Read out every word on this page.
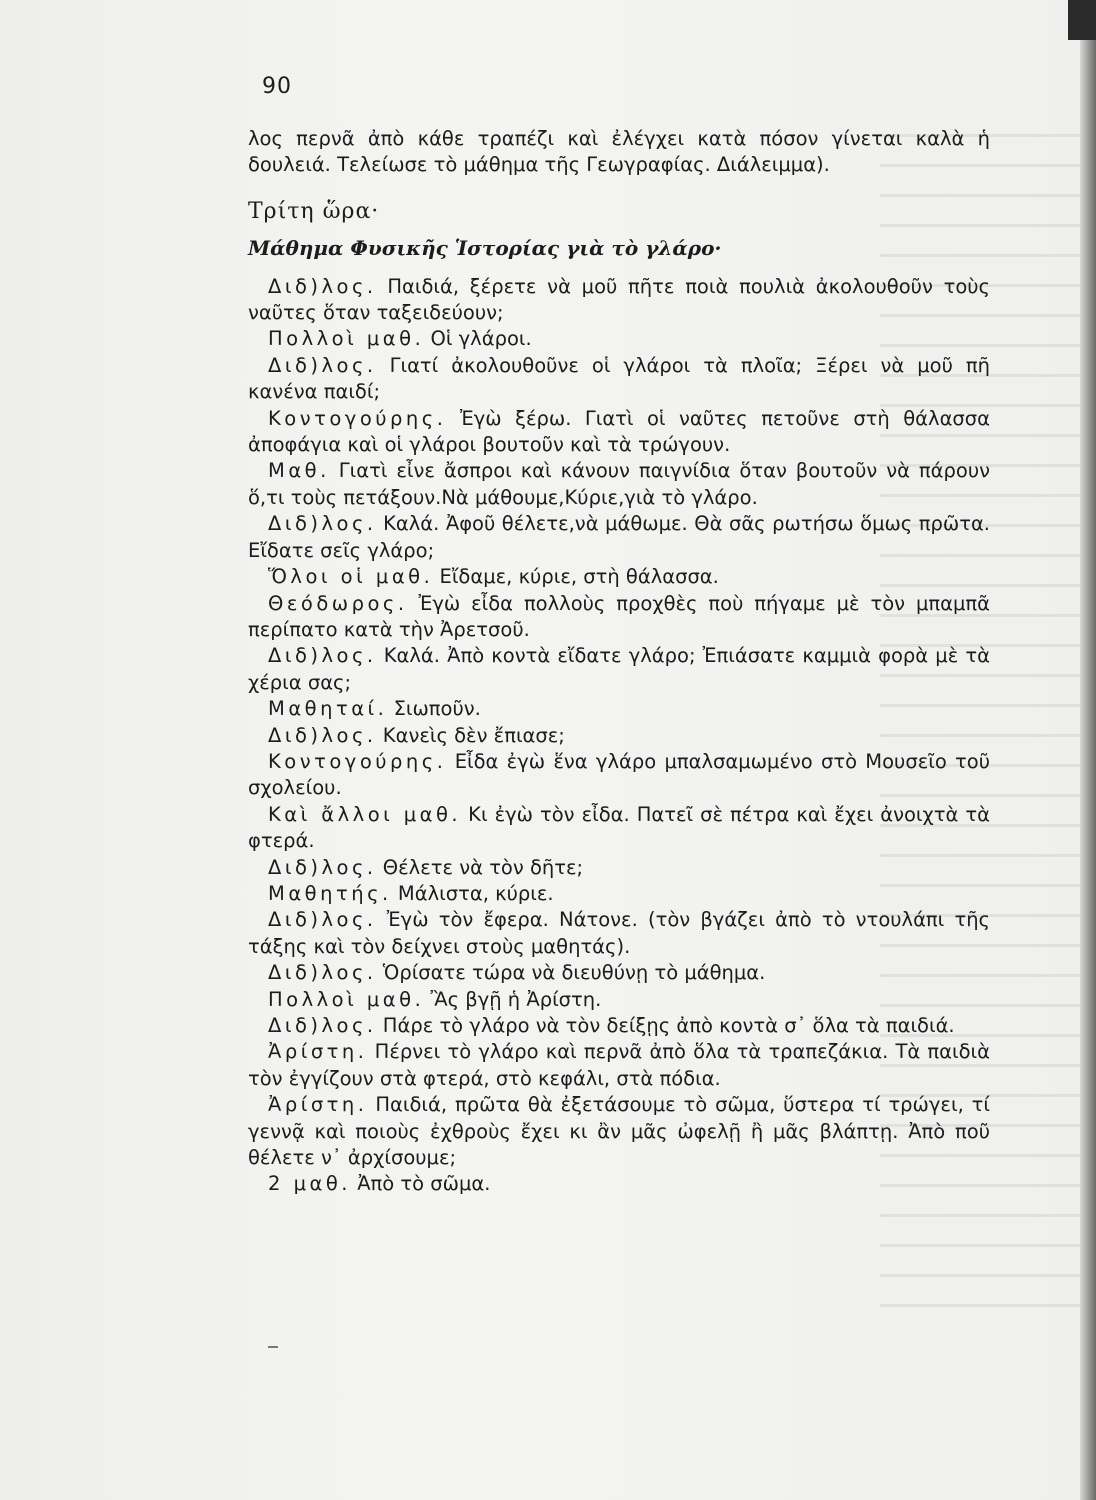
90

λος περνᾶ ἀπὸ κάθε τραπέζι καὶ ἐλέγχει κατὰ πόσον γίνεται καλὰ ἡ δουλειά. Τελείωσε τὸ μάθημα τῆς Γεωγραφίας. Διάλειμμα).

Τρίτη ὥρα·

Μάθημα Φυσικῆς Ἱστορίας γιὰ τὸ γλάρο·

Διδ)λος. Παιδιά, ξέρετε νὰ μοῦ πῆτε ποιὰ πουλιὰ ἀκολουθοῦν τοὺς ναῦτες ὅταν ταξειδεύουν;

Πολλοὶ μαθ. Οἱ γλάροι.

Διδ)λος. Γιατί ἀκολουθοῦνε οἱ γλάροι τὰ πλοῖα; Ξέρει νὰ μοῦ πῆ κανένα παιδί;

Κοντογούρης. Ἐγὼ ξέρω. Γιατὶ οἱ ναῦτες πετοῦνε στὴ θάλασσα ἀποφάγια καὶ οἱ γλάροι βουτοῦν καὶ τὰ τρώγουν.

Μαθ. Γιατὶ εἶνε ἄσπροι καὶ κάνουν παιγνίδια ὅταν βουτοῦν νὰ πάρουν ὅ,τι τοὺς πετάξουν.Νὰ μάθουμε,Κύριε,γιὰ τὸ γλάρο.

Διδ)λος. Καλά. Ἀφοῦ θέλετε,νὰ μάθωμε. Θὰ σᾶς ρωτήσω ὅμως πρῶτα. Εἴδατε σεῖς γλάρο;

Ὅλοι οἱ μαθ. Εἴδαμε, κύριε, στὴ θάλασσα.

Θεόδωρος. Ἐγὼ εἶδα πολλοὺς προχθὲς ποὺ πήγαμε μὲ τὸν μπαμπᾶ περίπατο κατὰ τὴν Ἀρετσοῦ.

Διδ)λος. Καλά. Ἀπὸ κοντὰ εἴδατε γλάρο; Ἐπιάσατε καμμιὰ φορὰ μὲ τὰ χέρια σας;

Μαθηταί. Σιωποῦν.

Διδ)λος. Κανεὶς δὲν ἔπιασε;

Κοντογούρης. Εἶδα ἐγὼ ἕνα γλάρο μπαλσαμωμένο στὸ Μουσεῖο τοῦ σχολείου.

Καὶ ἄλλοι μαθ. Κι ἐγὼ τὸν εἶδα. Πατεῖ σὲ πέτρα καὶ ἔχει ἀνοιχτὰ τὰ φτερά.

Διδ)λος. Θέλετε νὰ τὸν δῆτε;

Μαθητής. Μάλιστα, κύριε.

Διδ)λος. Ἐγὼ τὸν ἔφερα. Νάτονε. (τὸν βγάζει ἀπὸ τὸ ντουλάπι τῆς τάξης καὶ τὸν δείχνει στοὺς μαθητάς).

Διδ)λος. Ὁρίσατε τώρα νὰ διευθύνῃ τὸ μάθημα.

Πολλοὶ μαθ. Ἂς βγῇ ἡ Ἀρίστη.

Διδ)λος. Πάρε τὸ γλάρο νὰ τὸν δείξῃς ἀπὸ κοντὰ σ᾽ ὅλα τὰ παιδιά.

Ἀρίστη. Πέρνει τὸ γλάρο καὶ περνᾶ ἀπὸ ὅλα τὰ τραπεζάκια. Τὰ παιδιὰ τὸν ἐγγίζουν στὰ φτερά, στὸ κεφάλι, στὰ πόδια.

Ἀρίστη. Παιδιά, πρῶτα θὰ ἐξετάσουμε τὸ σῶμα, ὕστερα τί τρώγει, τί γεννᾷ καὶ ποιοὺς ἐχθροὺς ἔχει κι ἂν μᾶς ὠφελῇ ἢ μᾶς βλάπτῃ. Ἀπὸ ποῦ θέλετε ν᾽ ἀρχίσουμε;

2 μαθ. Ἀπὸ τὸ σῶμα.
